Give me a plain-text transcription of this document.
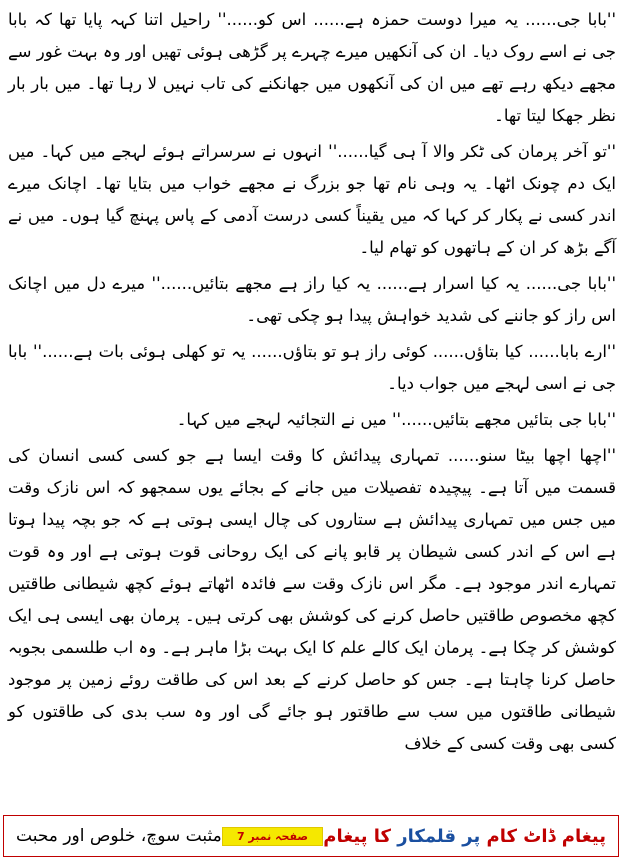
''بابا جی...... یہ میرا دوست حمزہ ہے...... اس کو......'' راحیل اتنا کہہ پایا تھا کہ بابا جی نے اسے روک دیا۔ ان کی آنکھیں میرے چہرے پر گڑھی ہوئی تھیں اور وہ بہت غور سے مجھے دیکھ رہے تھے میں ان کی آنکھوں میں جھانکنے کی تاب نہیں لا رہا تھا۔ میں بار بار نظر جھکا لیتا تھا۔

''تو آخر پرمان کی ٹکر والا آ ہی گیا......'' انہوں نے سرسراتے ہوئے لہجے میں کہا۔ میں ایک دم چونک اٹھا۔ یہ وہی نام تھا جو بزرگ نے مجھے خواب میں بتایا تھا۔ اچانک میرے اندر کسی نے پکار کر کہا کہ میں یقیناً کسی درست آدمی کے پاس پہنچ گیا ہوں۔ میں نے آگے بڑھ کر ان کے ہاتھوں کو تھام لیا۔

''بابا جی...... یہ کیا اسرار ہے...... یہ کیا راز ہے مجھے بتائیں......'' میرے دل میں اچانک اس راز کو جاننے کی شدید خواہش پیدا ہو چکی تھی۔

''ارے بابا...... کیا بتاؤں...... کوئی راز ہو تو بتاؤں...... یہ تو کھلی ہوئی بات ہے......'' بابا جی نے اسی لہجے میں جواب دیا۔

''بابا جی بتائیں مجھے بتائیں......'' میں نے التجائیہ لہجے میں کہا۔

''اچھا اچھا بیٹا سنو...... تمہاری پیدائش کا وقت ایسا ہے جو کسی کسی انسان کی قسمت میں آتا ہے۔ پیچیدہ تفصیلات میں جانے کے بجائے یوں سمجھو کہ اس نازک وقت میں جس میں تمہاری پیدائش ہے ستاروں کی چال ایسی ہوتی ہے کہ جو بچہ پیدا ہوتا ہے اس کے اندر کسی شیطان پر قابو پانے کی ایک روحانی قوت ہوتی ہے اور وہ قوت تمہارے اندر موجود ہے۔ مگر اس نازک وقت سے فائدہ اٹھاتے ہوئے کچھ شیطانی طاقتیں کچھ مخصوص طاقتیں حاصل کرنے کی کوشش بھی کرتی ہیں۔ پرمان بھی ایسی ہی ایک کوشش کر چکا ہے۔ پرمان ایک کالے علم کا ایک بہت بڑا ماہر ہے۔ وہ اب طلسمی بجوبہ حاصل کرنا چاہتا ہے۔ جس کو حاصل کرنے کے بعد اس کی طاقت روئے زمین پر موجود شیطانی طاقتوں میں سب سے طاقتور ہو جائے گی اور وہ سب بدی کی طاقتوں کو کسی بھی وقت کسی کے خلاف

پیغام ڈاٹ کام پر قلمکار کا پیغام
صفحہ نمبر 7
مثبت سوچ، خلوص اور محبت
